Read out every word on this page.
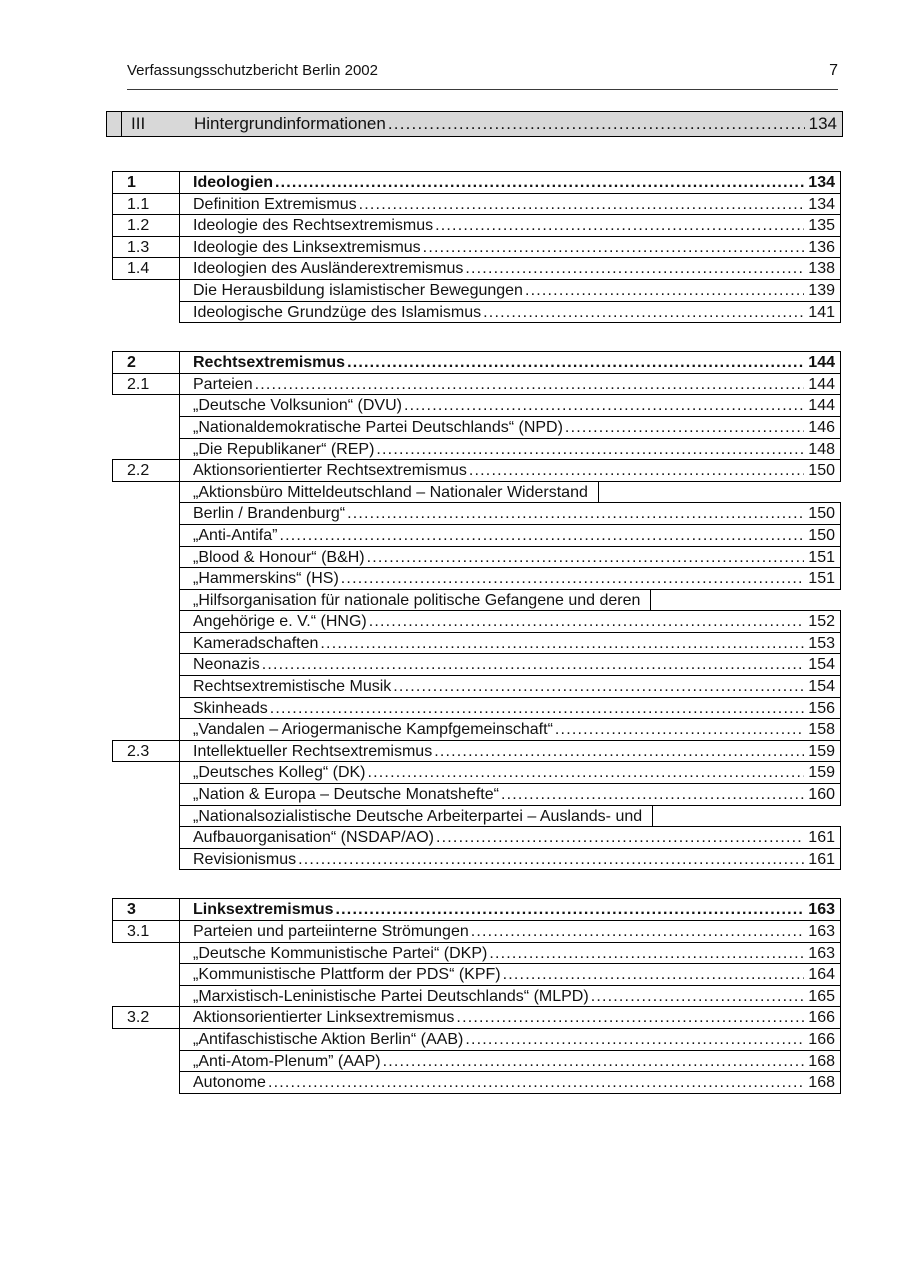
Verfassungsschutzbericht Berlin 2002	7
III	Hintergrundinformationen .....	134
1	Ideologien .....	134
1.1	Definition Extremismus .....	134
1.2	Ideologie des Rechtsextremismus .....	135
1.3	Ideologie des Linksextremismus .....	136
1.4	Ideologien des Ausländerextremismus .....	138
Die Herausbildung islamistischer Bewegungen .....	139
Ideologische Grundzüge des Islamismus .....	141
2	Rechtsextremismus .....	144
2.1	Parteien .....	144
„Deutsche Volksunion“ (DVU) .....	144
„Nationaldemokratische Partei Deutschlands“ (NPD) .....	146
„Die Republikaner“ (REP) .....	148
2.2	Aktionsorientierter Rechtsextremismus .....	150
„Aktionsbüro Mitteldeutschland – Nationaler Widerstand
Berlin / Brandenburg“ .....	150
„Anti-Antifa” .....	150
„Blood & Honour“ (B&H) .....	151
„Hammerskins“ (HS) .....	151
„Hilfsorganisation für nationale politische Gefangene und deren
Angehörige e. V.“ (HNG) .....	152
Kameradschaften .....	153
Neonazis .....	154
Rechtsextremistische Musik .....	154
Skinheads .....	156
„Vandalen – Ariogermanische Kampfgemeinschaft“ .....	158
2.3	Intellektueller Rechtsextremismus .....	159
„Deutsches Kolleg“ (DK) .....	159
„Nation & Europa – Deutsche Monatshefte“ .....	160
„Nationalsozialistische Deutsche Arbeiterpartei – Auslands- und
Aufbauorganisation“ (NSDAP/AO) .....	161
Revisionismus .....	161
3	Linksextremismus .....	163
3.1	Parteien und parteiinterne Strömungen .....	163
„Deutsche Kommunistische Partei“ (DKP) .....	163
„Kommunistische Plattform der PDS“ (KPF) .....	164
„Marxistisch-Leninistische Partei Deutschlands“ (MLPD) .....	165
3.2	Aktionsorientierter Linksextremismus .....	166
„Antifaschistische Aktion Berlin“ (AAB) .....	166
„Anti-Atom-Plenum” (AAP) .....	168
Autonome .....	168
